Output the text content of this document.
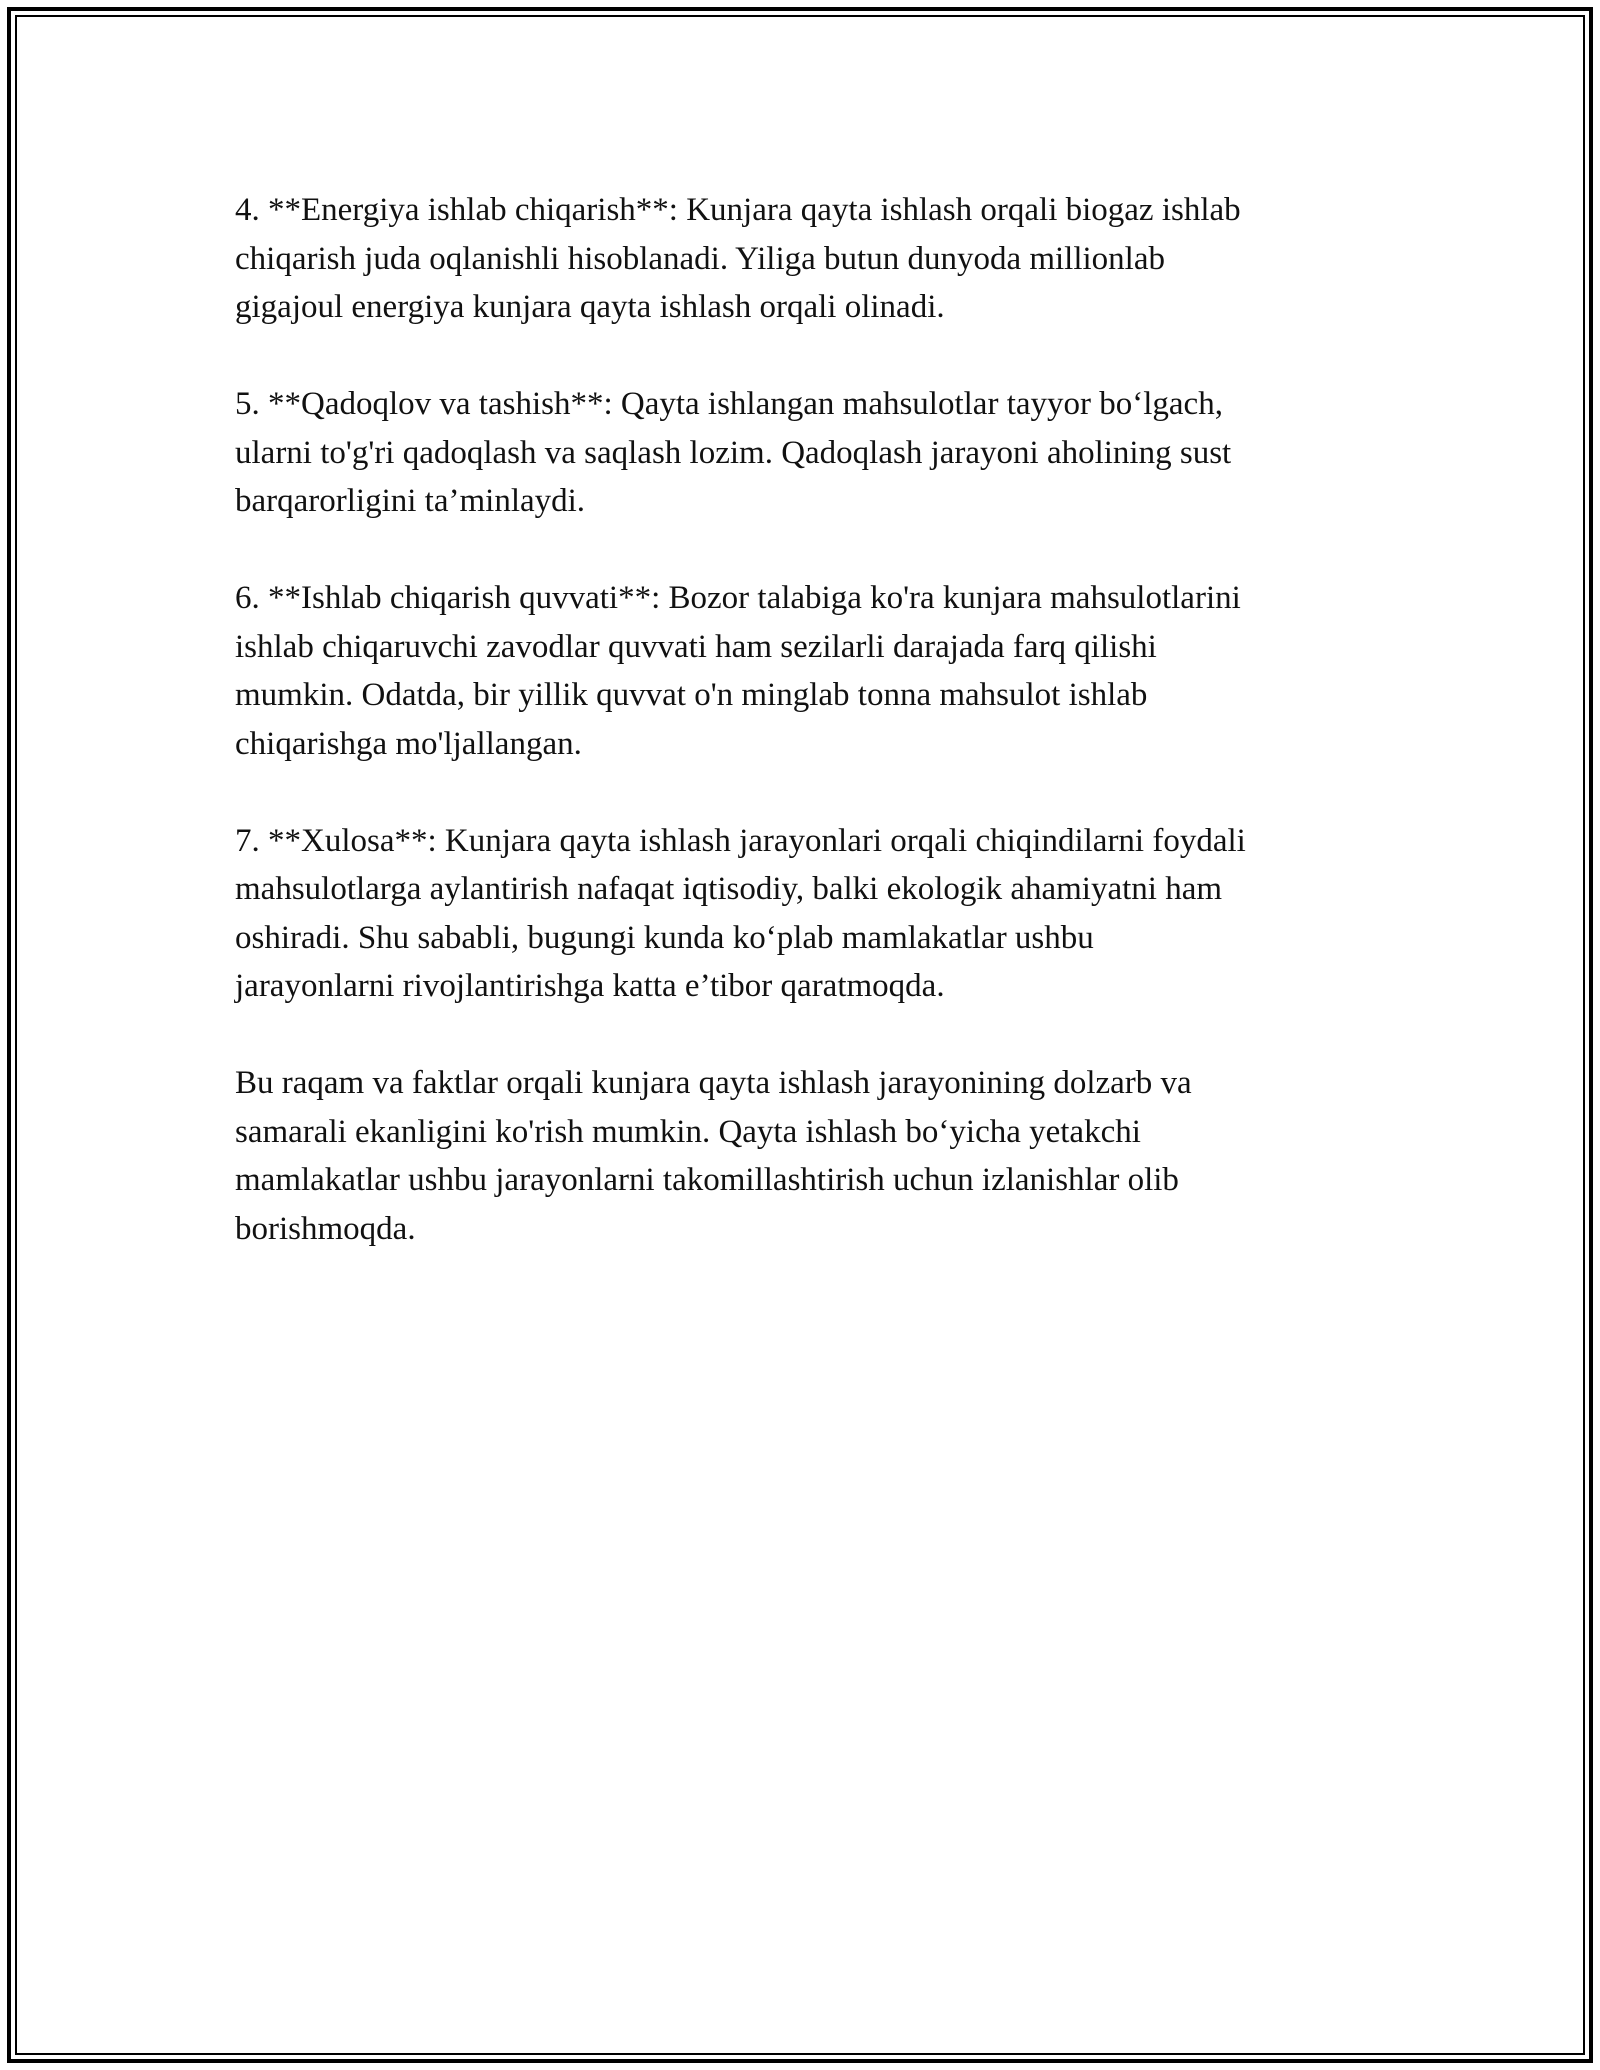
4. **Energiya ishlab chiqarish**: Kunjara qayta ishlash orqali biogaz ishlab
chiqarish juda oqlanishli hisoblanadi. Yiliga butun dunyoda millionlab
gigajoul energiya kunjara qayta ishlash orqali olinadi.

5. **Qadoqlov va tashish**: Qayta ishlangan mahsulotlar tayyor bo‘lgach,
ularni to'g'ri qadoqlash va saqlash lozim. Qadoqlash jarayoni aholining sust
barqarorligini ta’minlaydi.

6. **Ishlab chiqarish quvvati**: Bozor talabiga ko'ra kunjara mahsulotlarini
ishlab chiqaruvchi zavodlar quvvati ham sezilarli darajada farq qilishi
mumkin. Odatda, bir yillik quvvat o'n minglab tonna mahsulot ishlab
chiqarishga mo'ljallangan.

7. **Xulosa**: Kunjara qayta ishlash jarayonlari orqali chiqindilarni foydali
mahsulotlarga aylantirish nafaqat iqtisodiy, balki ekologik ahamiyatni ham
oshiradi. Shu sababli, bugungi kunda ko‘plab mamlakatlar ushbu
jarayonlarni rivojlantirishga katta e’tibor qaratmoqda.

Bu raqam va faktlar orqali kunjara qayta ishlash jarayonining dolzarb va
samarali ekanligini ko'rish mumkin. Qayta ishlash bo‘yicha yetakchi
mamlakatlar ushbu jarayonlarni takomillashtirish uchun izlanishlar olib
borishmoqda.
